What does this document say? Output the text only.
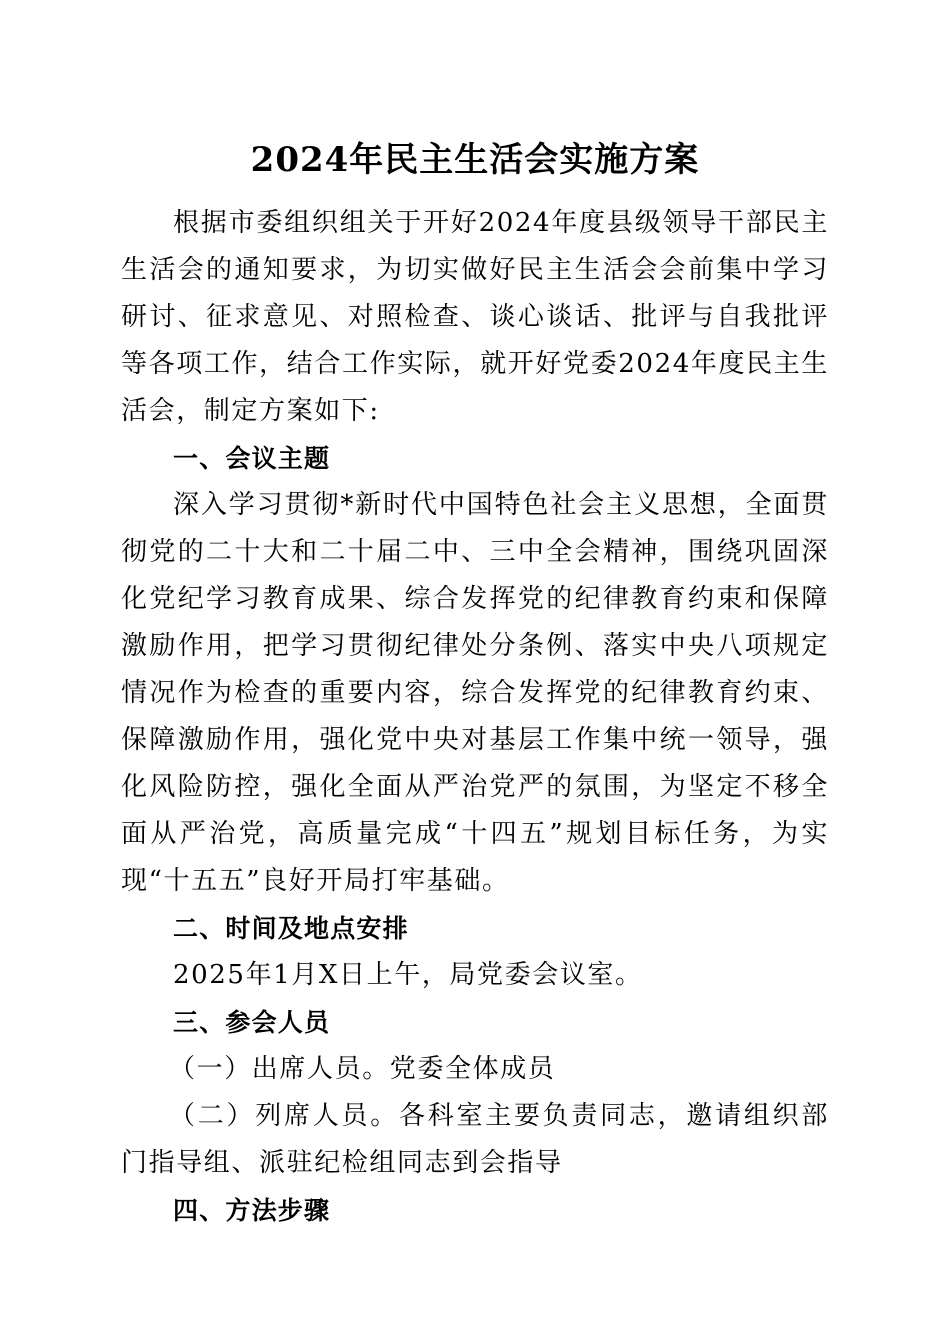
2024年民主生活会实施方案

根据市委组织组关于开好2024年度县级领导干部民主生活会的通知要求，为切实做好民主生活会会前集中学习研讨、征求意见、对照检查、谈心谈话、批评与自我批评等各项工作，结合工作实际，就开好党委2024年度民主生活会，制定方案如下:

一、会议主题

深入学习贯彻*新时代中国特色社会主义思想，全面贯彻党的二十大和二十届二中、三中全会精神，围绕巩固深化党纪学习教育成果、综合发挥党的纪律教育约束和保障激励作用，把学习贯彻纪律处分条例、落实中央八项规定情况作为检查的重要内容，综合发挥党的纪律教育约束、保障激励作用，强化党中央对基层工作集中统一领导，强化风险防控，强化全面从严治党严的氛围，为坚定不移全面从严治党，高质量完成“十四五”规划目标任务，为实现“十五五”良好开局打牢基础。

二、时间及地点安排

2025年1月X日上午，局党委会议室。

三、参会人员

（一）出席人员。党委全体成员

（二）列席人员。各科室主要负责同志，邀请组织部门指导组、派驻纪检组同志到会指导

四、方法步骤
